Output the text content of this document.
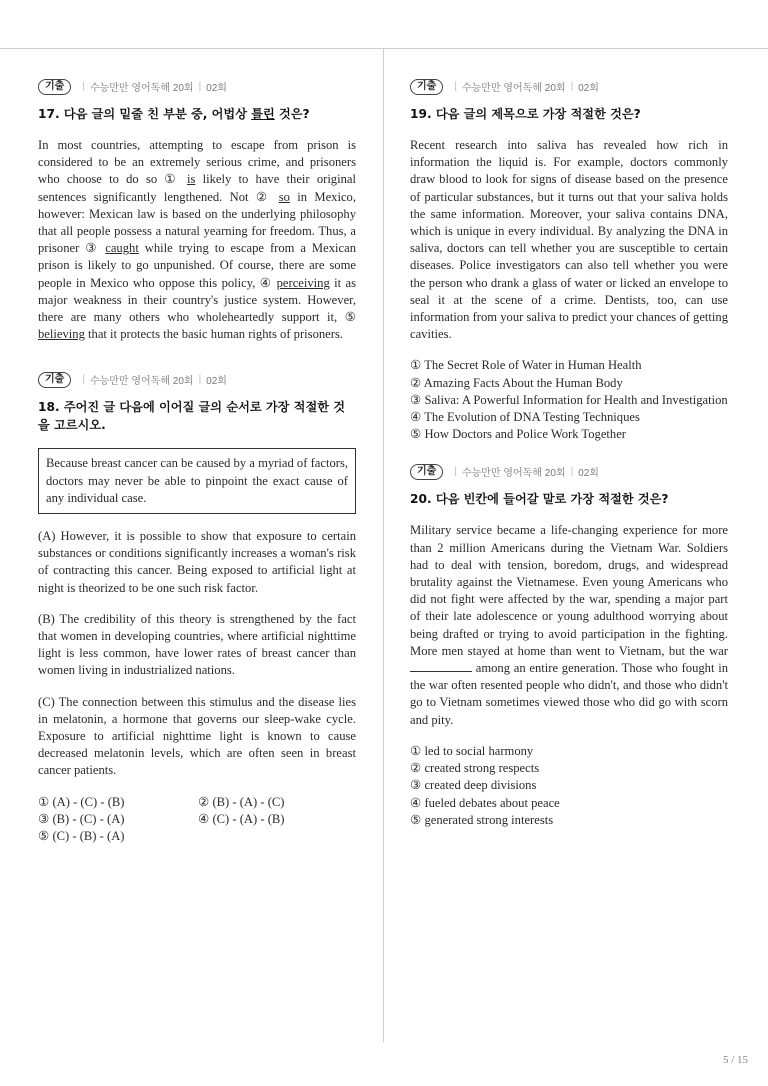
기출	| 수능만만 영어독해 20회 | 02회
17. 다음 글의 밑줄 친 부분 중, 어법상 틀린 것은?

In most countries, attempting to escape from prison is considered to be an extremely serious crime, and prisoners who choose to do so ① is likely to have their original sentences significantly lengthened. Not ② so in Mexico, however: Mexican law is based on the underlying philosophy that all people possess a natural yearning for freedom. Thus, a prisoner ③ caught while trying to escape from a Mexican prison is likely to go unpunished. Of course, there are some people in Mexico who oppose this policy, ④ perceiving it as major weakness in their country's justice system. However, there are many others who wholeheartedly support it, ⑤ believing that it protects the basic human rights of prisoners.

기출	| 수능만만 영어독해 20회 | 02회
18. 주어진 글 다음에 이어질 글의 순서로 가장 적절한 것을 고르시오.
Because breast cancer can be caused by a myriad of factors, doctors may never be able to pinpoint the exact cause of any individual case.

(A) However, it is possible to show that exposure to certain substances or conditions significantly increases a woman's risk of contracting this cancer. Being exposed to artificial light at night is theorized to be one such risk factor.

(B) The credibility of this theory is strengthened by the fact that women in developing countries, where artificial nighttime light is less common, have lower rates of breast cancer than women living in industrialized nations.

(C) The connection between this stimulus and the disease lies in melatonin, a hormone that governs our sleep-wake cycle. Exposure to artificial nighttime light is known to cause decreased melatonin levels, which are often seen in breast cancer patients.

① (A) - (C) - (B)	② (B) - (A) - (C)
③ (B) - (C) - (A)	④ (C) - (A) - (B)
⑤ (C) - (B) - (A)
기출	| 수능만만 영어독해 20회 | 02회
19. 다음 글의 제목으로 가장 적절한 것은?

Recent research into saliva has revealed how rich in information the liquid is. For example, doctors commonly draw blood to look for signs of disease based on the presence of particular substances, but it turns out that your saliva holds the same information. Moreover, your saliva contains DNA, which is unique in every individual. By analyzing the DNA in saliva, doctors can tell whether you are susceptible to certain diseases. Police investigators can also tell whether you were the person who drank a glass of water or licked an envelope to seal it at the scene of a crime. Dentists, too, can use information from your saliva to predict your chances of getting cavities.

① The Secret Role of Water in Human Health
② Amazing Facts About the Human Body
③ Saliva: A Powerful Information for Health and Investigation
④ The Evolution of DNA Testing Techniques
⑤ How Doctors and Police Work Together
기출	| 수능만만 영어독해 20회 | 02회
20. 다음 빈칸에 들어갈 말로 가장 적절한 것은?

Military service became a life-changing experience for more than 2 million Americans during the Vietnam War. Soldiers had to deal with tension, boredom, drugs, and widespread brutality against the Vietnamese. Even young Americans who did not fight were affected by the war, spending a major part of their late adolescence or young adulthood worrying about being drafted or trying to avoid participation in the fighting. More men stayed at home than went to Vietnam, but the war  among an entire generation. Those who fought in the war often resented people who didn't, and those who didn't go to Vietnam sometimes viewed those who did go with scorn and pity.

① led to social harmony
② created strong respects
③ created deep divisions
④ fueled debates about peace
⑤ generated strong interests
5 / 15
